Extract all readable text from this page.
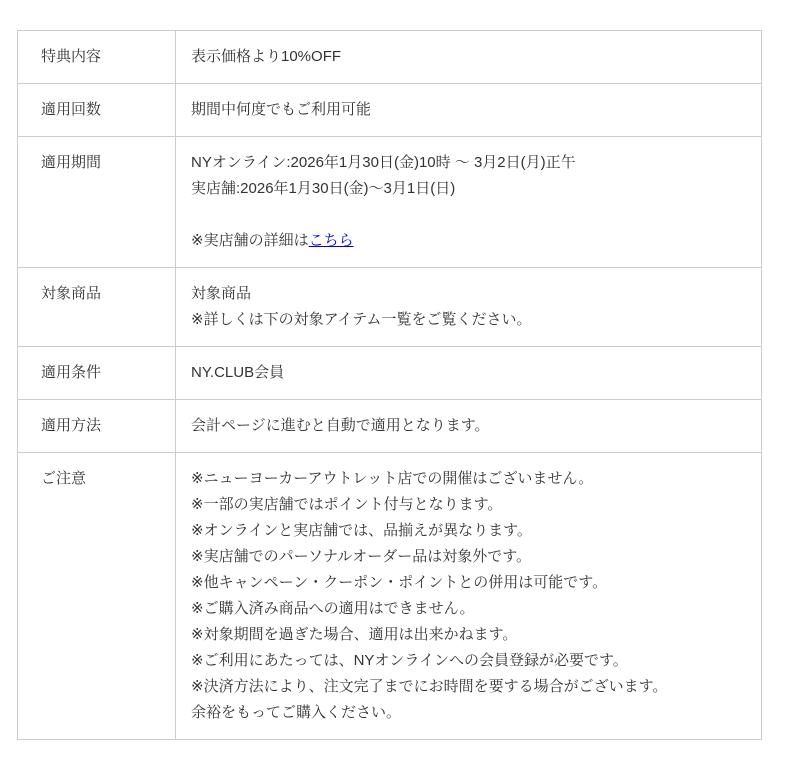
特典内容	表示価格より10%OFF

適用回数	期間中何度でもご利用可能

適用期間	NYオンライン:2026年1月30日(金)10時 〜 3月2日(月)正午
実店舗:2026年1月30日(金)〜3月1日(日)
※実店舗の詳細はこちら

対象商品	対象商品
※詳しくは下の対象アイテム一覧をご覧ください。

適用条件	NY.CLUB会員

適用方法	会計ページに進むと自動で適用となります。

ご注意	※ニューヨーカーアウトレット店での開催はございません。
※一部の実店舗ではポイント付与となります。
※オンラインと実店舗では、品揃えが異なります。
※実店舗でのパーソナルオーダー品は対象外です。
※他キャンペーン・クーポン・ポイントとの併用は可能です。
※ご購入済み商品への適用はできません。
※対象期間を過ぎた場合、適用は出来かねます。
※ご利用にあたっては、NYオンラインへの会員登録が必要です。
※決済方法により、注文完了までにお時間を要する場合がございます。
余裕をもってご購入ください。
